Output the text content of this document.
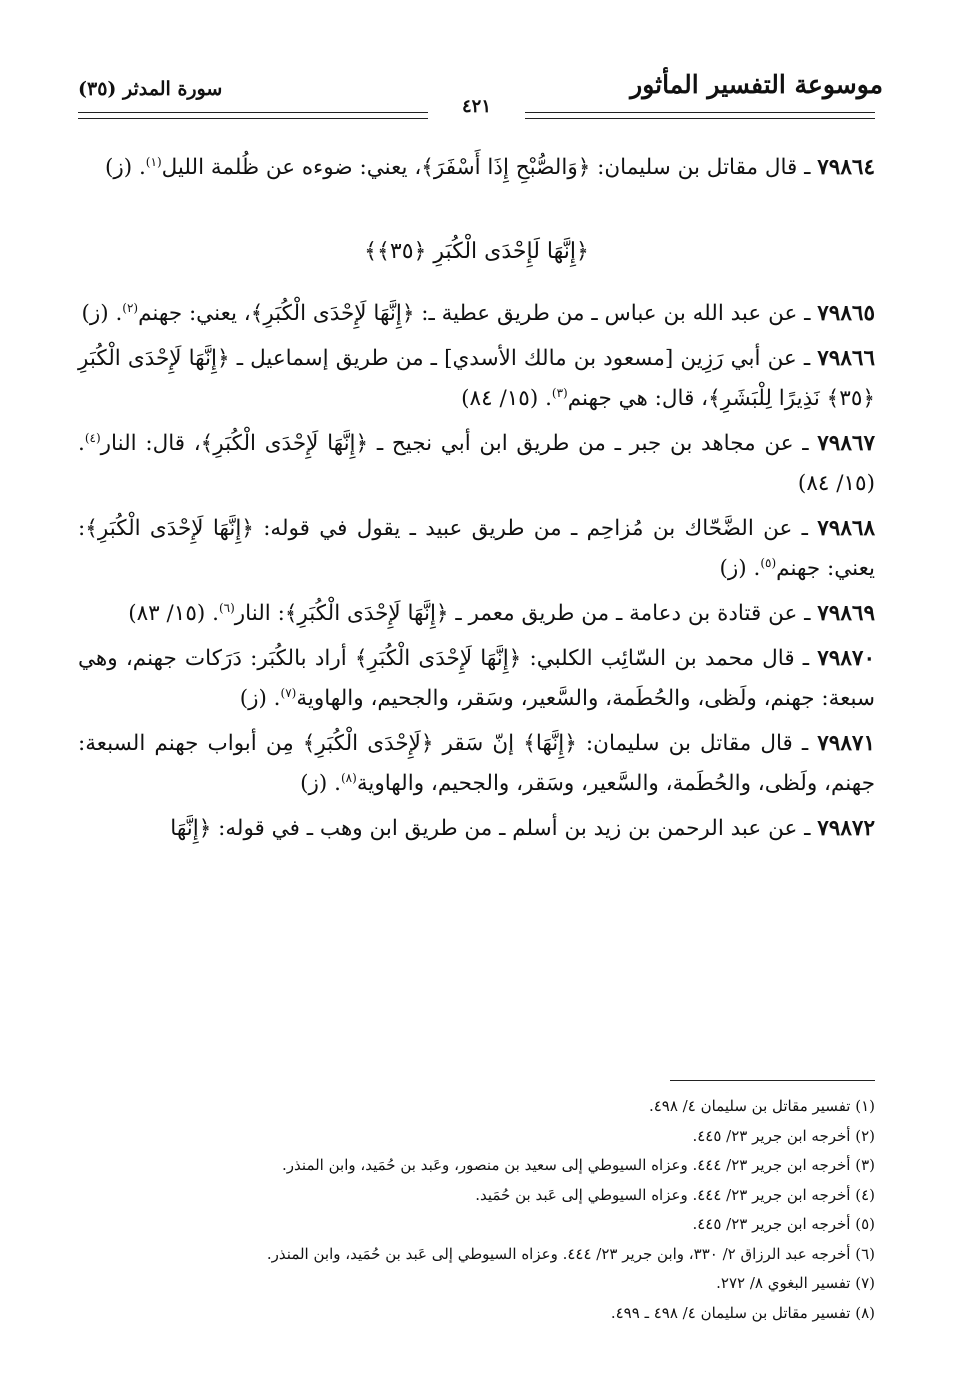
موسوعة التفسير المأثور
سورة المدثر (٣٥)
٤٢١

٧٩٨٦٤ ـ قال مقاتل بن سليمان: ﴿وَالصُّبْحِ إِذَا أَسْفَرَ﴾، يعني: ضوءه عن ظُلمة الليل$^{(١)}$. (ز)

﴿إِنَّهَا لَإِحْدَى الْكُبَرِ ﴿٣٥﴾﴾

٧٩٨٦٥ ـ عن عبد الله بن عباس ـ من طريق عطية ـ: ﴿إِنَّهَا لَإِحْدَى الْكُبَرِ﴾، يعني: جهنم$^{(٢)}$. (ز)

٧٩٨٦٦ ـ عن أبي رَزِين [مسعود بن مالك الأسدي] ـ من طريق إسماعيل ـ ﴿إِنَّهَا لَإِحْدَى الْكُبَرِ ﴿٣٥﴾ نَذِيرًا لِلْبَشَرِ﴾، قال: هي جهنم$^{(٣)}$. (١٥/ ٨٤)

٧٩٨٦٧ ـ عن مجاهد بن جبر ـ من طريق ابن أبي نجيح ـ ﴿إِنَّهَا لَإِحْدَى الْكُبَرِ﴾، قال: النار$^{(٤)}$. (١٥/ ٨٤)

٧٩٨٦٨ ـ عن الضَّحّاك بن مُزاحِم ـ من طريق عبيد ـ يقول في قوله: ﴿إِنَّهَا لَإِحْدَى الْكُبَرِ﴾: يعني: جهنم$^{(٥)}$. (ز)

٧٩٨٦٩ ـ عن قتادة بن دعامة ـ من طريق معمر ـ ﴿إِنَّهَا لَإِحْدَى الْكُبَرِ﴾: النار$^{(٦)}$. (١٥/ ٨٣)

٧٩٨٧٠ ـ قال محمد بن السّائِب الكلبي: ﴿إِنَّهَا لَإِحْدَى الْكُبَرِ﴾ أراد بالكُبَر: دَرَكات جهنم، وهي سبعة: جهنم، ولَظى، والحُطَمة، والسَّعير، وسَقر، والجحيم، والهاوية$^{(٧)}$. (ز)

٧٩٨٧١ ـ قال مقاتل بن سليمان: ﴿إِنَّهَا﴾ إنّ سَقر ﴿لَإِحْدَى الْكُبَرِ﴾ مِن أبواب جهنم السبعة: جهنم، ولَظى، والحُطَمة، والسَّعير، وسَقر، والجحيم، والهاوية$^{(٨)}$. (ز)

٧٩٨٧٢ ـ عن عبد الرحمن بن زيد بن أسلم ـ من طريق ابن وهب ـ في قوله: ﴿إِنَّهَا

(١) تفسير مقاتل بن سليمان ٤/ ٤٩٨.
(٢) أخرجه ابن جرير ٢٣/ ٤٤٥.
(٣) أخرجه ابن جرير ٢٣/ ٤٤٤. وعزاه السيوطي إلى سعيد بن منصور، وعَبد بن حُمَيد، وابن المنذر.
(٤) أخرجه ابن جرير ٢٣/ ٤٤٤. وعزاه السيوطي إلى عَبد بن حُمَيد.
(٥) أخرجه ابن جرير ٢٣/ ٤٤٥.
(٦) أخرجه عبد الرزاق ٢/ ٣٣٠، وابن جرير ٢٣/ ٤٤٤. وعزاه السيوطي إلى عَبد بن حُمَيد، وابن المنذر.
(٧) تفسير البغوي ٨/ ٢٧٢.
(٨) تفسير مقاتل بن سليمان ٤/ ٤٩٨ ـ ٤٩٩.
